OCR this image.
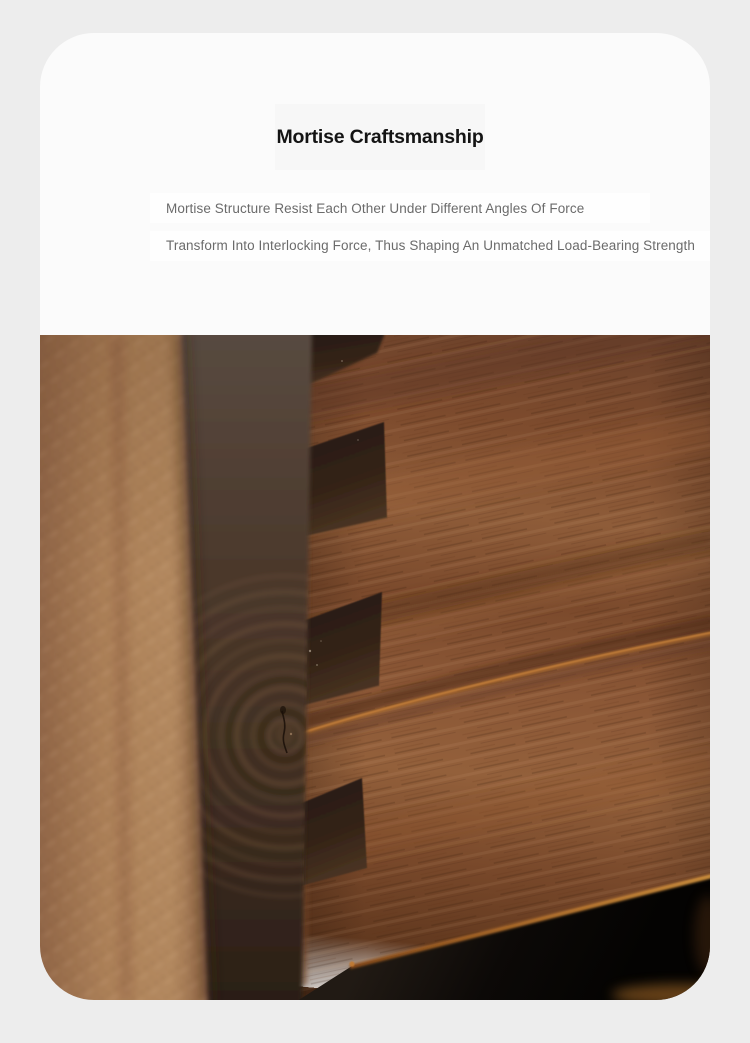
Mortise Craftsmanship
Mortise Structure Resist Each Other Under Different Angles Of Force
Transform Into Interlocking Force, Thus Shaping An Unmatched Load-Bearing Strength
